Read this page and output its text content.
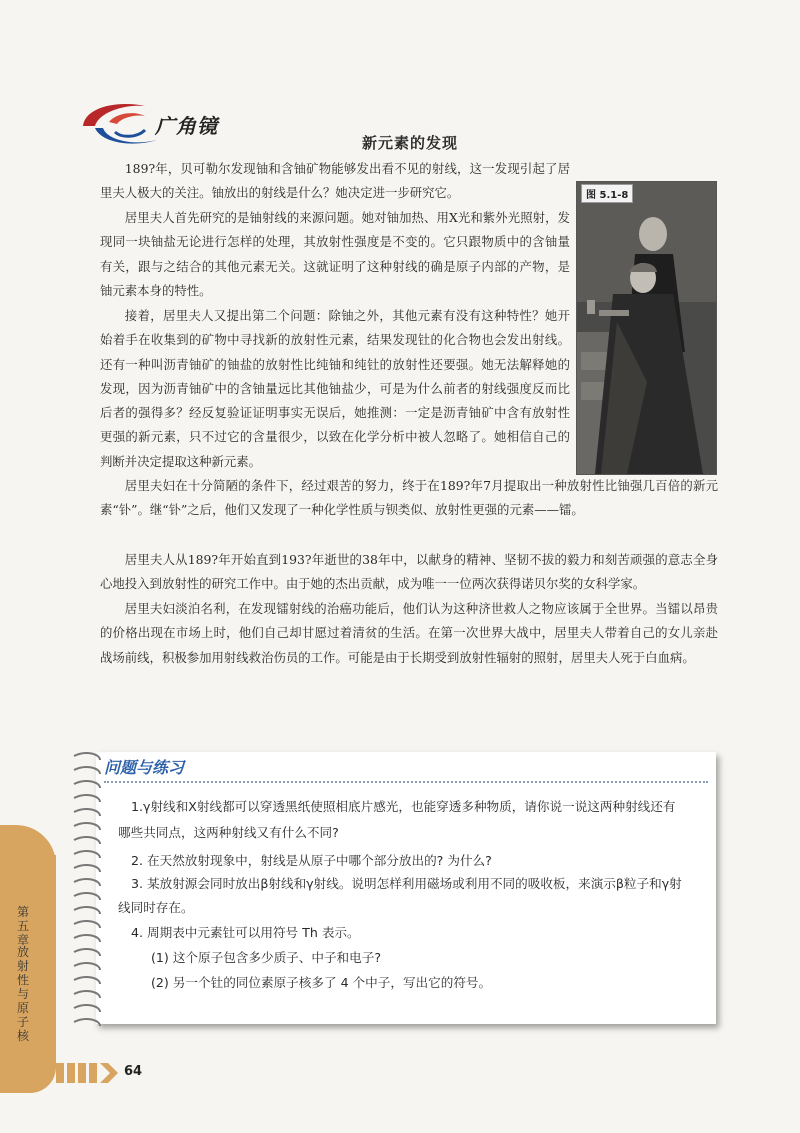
广角镜
新元素的发现

189?年，贝可勒尔发现铀和含铀矿物能够发出看不见的射线，这一发现引起了居里夫人极大的关注。铀放出的射线是什么？她决定进一步研究它。

居里夫人首先研究的是铀射线的来源问题。她对铀加热、用X光和紫外光照射，发现同一块铀盐无论进行怎样的处理，其放射性强度是不变的。它只跟物质中的含铀量有关，跟与之结合的其他元素无关。这就证明了这种射线的确是原子内部的产物，是铀元素本身的特性。

接着，居里夫人又提出第二个问题：除铀之外，其他元素有没有这种特性？她开始着手在收集到的矿物中寻找新的放射性元素，结果发现钍的化合物也会发出射线。还有一种叫沥青铀矿的铀盐的放射性比纯铀和纯钍的放射性还要强。她无法解释她的发现，因为沥青铀矿中的含铀量远比其他铀盐少，可是为什么前者的射线强度反而比后者的强得多？经反复验证证明事实无误后，她推测：一定是沥青铀矿中含有放射性更强的新元素，只不过它的含量很少，以致在化学分析中被人忽略了。她相信自己的判断并决定提取这种新元素。

居里夫妇在十分简陋的条件下，经过艰苦的努力，终于在189?年7月提取出一种放射性比铀强几百倍的新元素“钋”。继“钋”之后，他们又发现了一种化学性质与钡类似、放射性更强的元素——镭。

居里夫人从189?年开始直到193?年逝世的38年中，以献身的精神、坚韧不拔的毅力和刻苦顽强的意志全身心地投入到放射性的研究工作中。由于她的杰出贡献，成为唯一一位两次获得诺贝尔奖的女科学家。

居里夫妇淡泊名利，在发现镭射线的治癌功能后，他们认为这种济世救人之物应该属于全世界。当镭以昂贵的价格出现在市场上时，他们自己却甘愿过着清贫的生活。在第一次世界大战中，居里夫人带着自己的女儿亲赴战场前线，积极参加用射线救治伤员的工作。可能是由于长期受到放射性辐射的照射，居里夫人死于白血病。

图 5.1-8
问题与练习

1.γ射线和X射线都可以穿透黑纸使照相底片感光，也能穿透多种物质，请你说一说这两种射线还有哪些共同点，这两种射线又有什么不同?

2. 在天然放射现象中，射线是从原子中哪个部分放出的? 为什么?

3. 某放射源会同时放出β射线和γ射线。说明怎样利用磁场或利用不同的吸收板，来演示β粒子和γ射线同时存在。

4. 周期表中元素钍可以用符号 Th 表示。

(1) 这个原子包含多少质子、中子和电子?

(2) 另一个钍的同位素原子核多了 4 个中子，写出它的符号。

第五章
放射性与原子核
64
